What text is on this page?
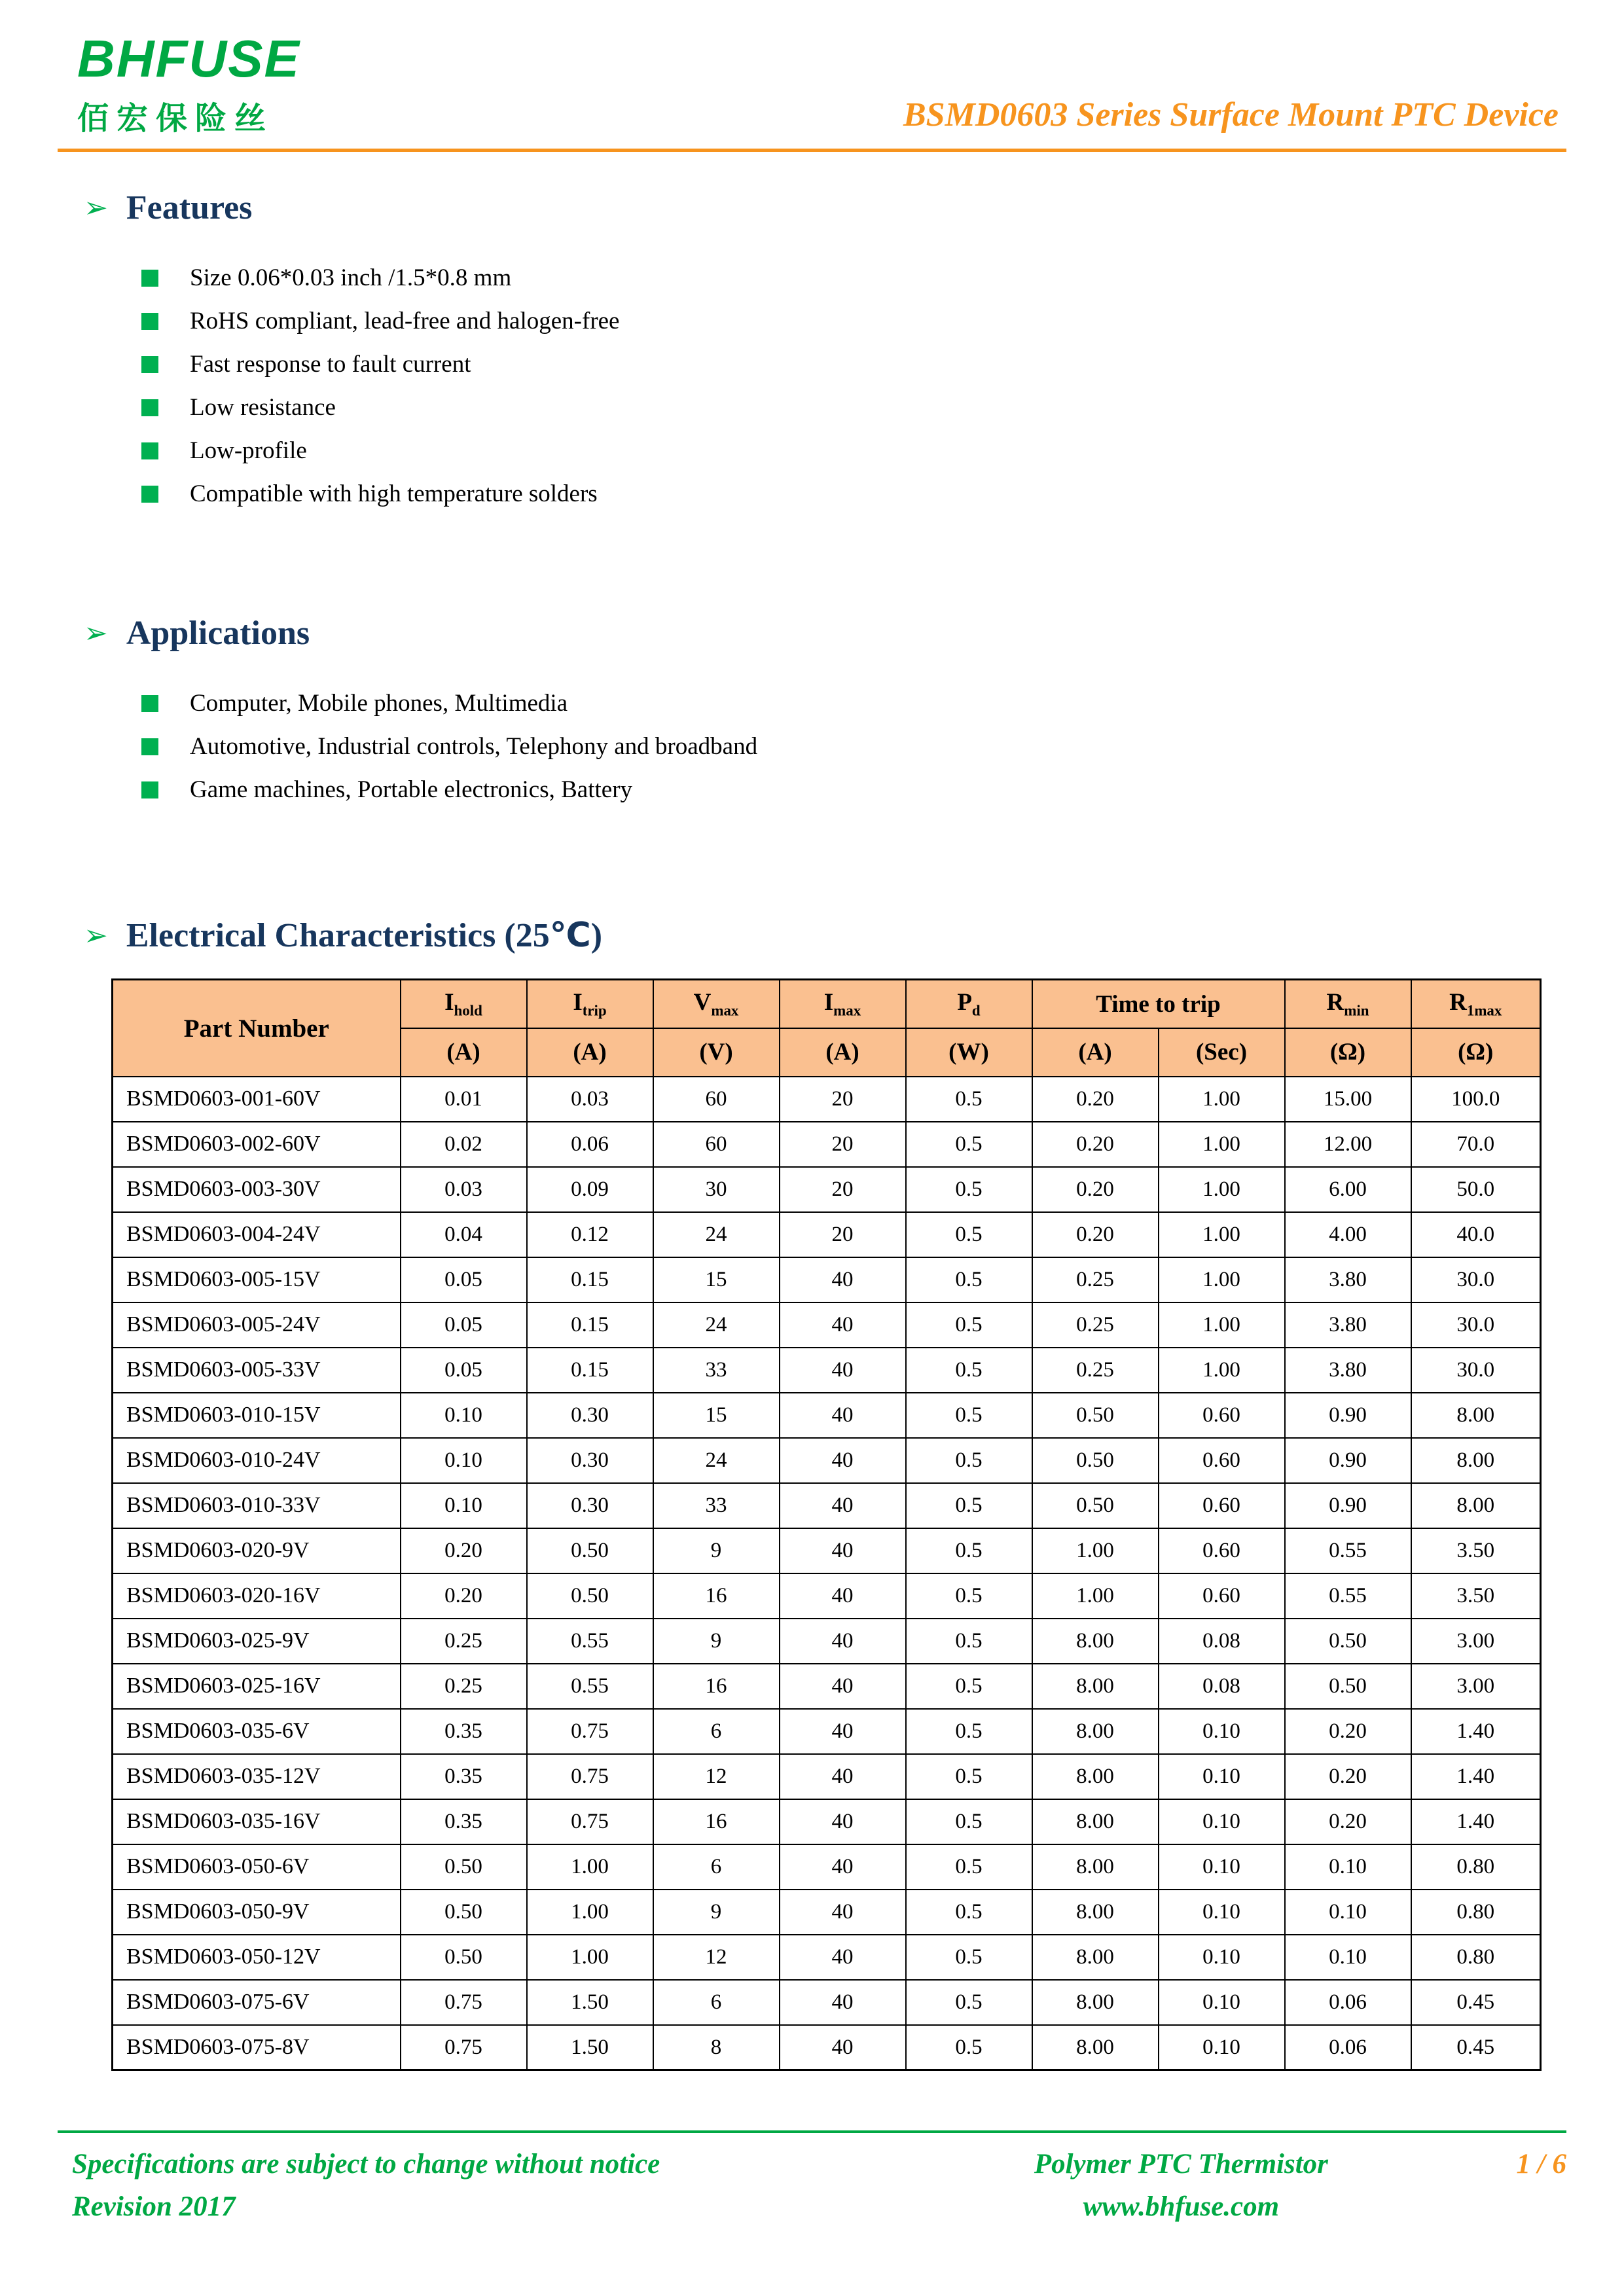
BHFUSE
佰宏保险丝	BSMD0603 Series Surface Mount PTC Device
➢ Features
Size 0.06*0.03 inch /1.5*0.8 mm
RoHS compliant, lead-free and halogen-free
Fast response to fault current
Low resistance
Low-profile
Compatible with high temperature solders
➢ Applications
Computer, Mobile phones, Multimedia
Automotive, Industrial controls, Telephony and broadband
Game machines, Portable electronics, Battery
➢ Electrical Characteristics (25℃)
Part Number	$I_{hold}$	$I_{trip}$	$V_{max}$	$I_{max}$	$P_d$	Time to trip		$R_{min}$	$R_{1max}$
	(A)	(A)	(V)	(A)	(W)	(A)	(Sec)	(Ω)	(Ω)
BSMD0603-001-60V	0.01	0.03	60	20	0.5	0.20	1.00	15.00	100.0
BSMD0603-002-60V	0.02	0.06	60	20	0.5	0.20	1.00	12.00	70.0
BSMD0603-003-30V	0.03	0.09	30	20	0.5	0.20	1.00	6.00	50.0
BSMD0603-004-24V	0.04	0.12	24	20	0.5	0.20	1.00	4.00	40.0
BSMD0603-005-15V	0.05	0.15	15	40	0.5	0.25	1.00	3.80	30.0
BSMD0603-005-24V	0.05	0.15	24	40	0.5	0.25	1.00	3.80	30.0
BSMD0603-005-33V	0.05	0.15	33	40	0.5	0.25	1.00	3.80	30.0
BSMD0603-010-15V	0.10	0.30	15	40	0.5	0.50	0.60	0.90	8.00
BSMD0603-010-24V	0.10	0.30	24	40	0.5	0.50	0.60	0.90	8.00
BSMD0603-010-33V	0.10	0.30	33	40	0.5	0.50	0.60	0.90	8.00
BSMD0603-020-9V	0.20	0.50	9	40	0.5	1.00	0.60	0.55	3.50
BSMD0603-020-16V	0.20	0.50	16	40	0.5	1.00	0.60	0.55	3.50
BSMD0603-025-9V	0.25	0.55	9	40	0.5	8.00	0.08	0.50	3.00
BSMD0603-025-16V	0.25	0.55	16	40	0.5	8.00	0.08	0.50	3.00
BSMD0603-035-6V	0.35	0.75	6	40	0.5	8.00	0.10	0.20	1.40
BSMD0603-035-12V	0.35	0.75	12	40	0.5	8.00	0.10	0.20	1.40
BSMD0603-035-16V	0.35	0.75	16	40	0.5	8.00	0.10	0.20	1.40
BSMD0603-050-6V	0.50	1.00	6	40	0.5	8.00	0.10	0.10	0.80
BSMD0603-050-9V	0.50	1.00	9	40	0.5	8.00	0.10	0.10	0.80
BSMD0603-050-12V	0.50	1.00	12	40	0.5	8.00	0.10	0.10	0.80
BSMD0603-075-6V	0.75	1.50	6	40	0.5	8.00	0.10	0.06	0.45
BSMD0603-075-8V	0.75	1.50	8	40	0.5	8.00	0.10	0.06	0.45
Specifications are subject to change without notice
Revision 2017
Polymer PTC Thermistor
www.bhfuse.com
1 / 6
